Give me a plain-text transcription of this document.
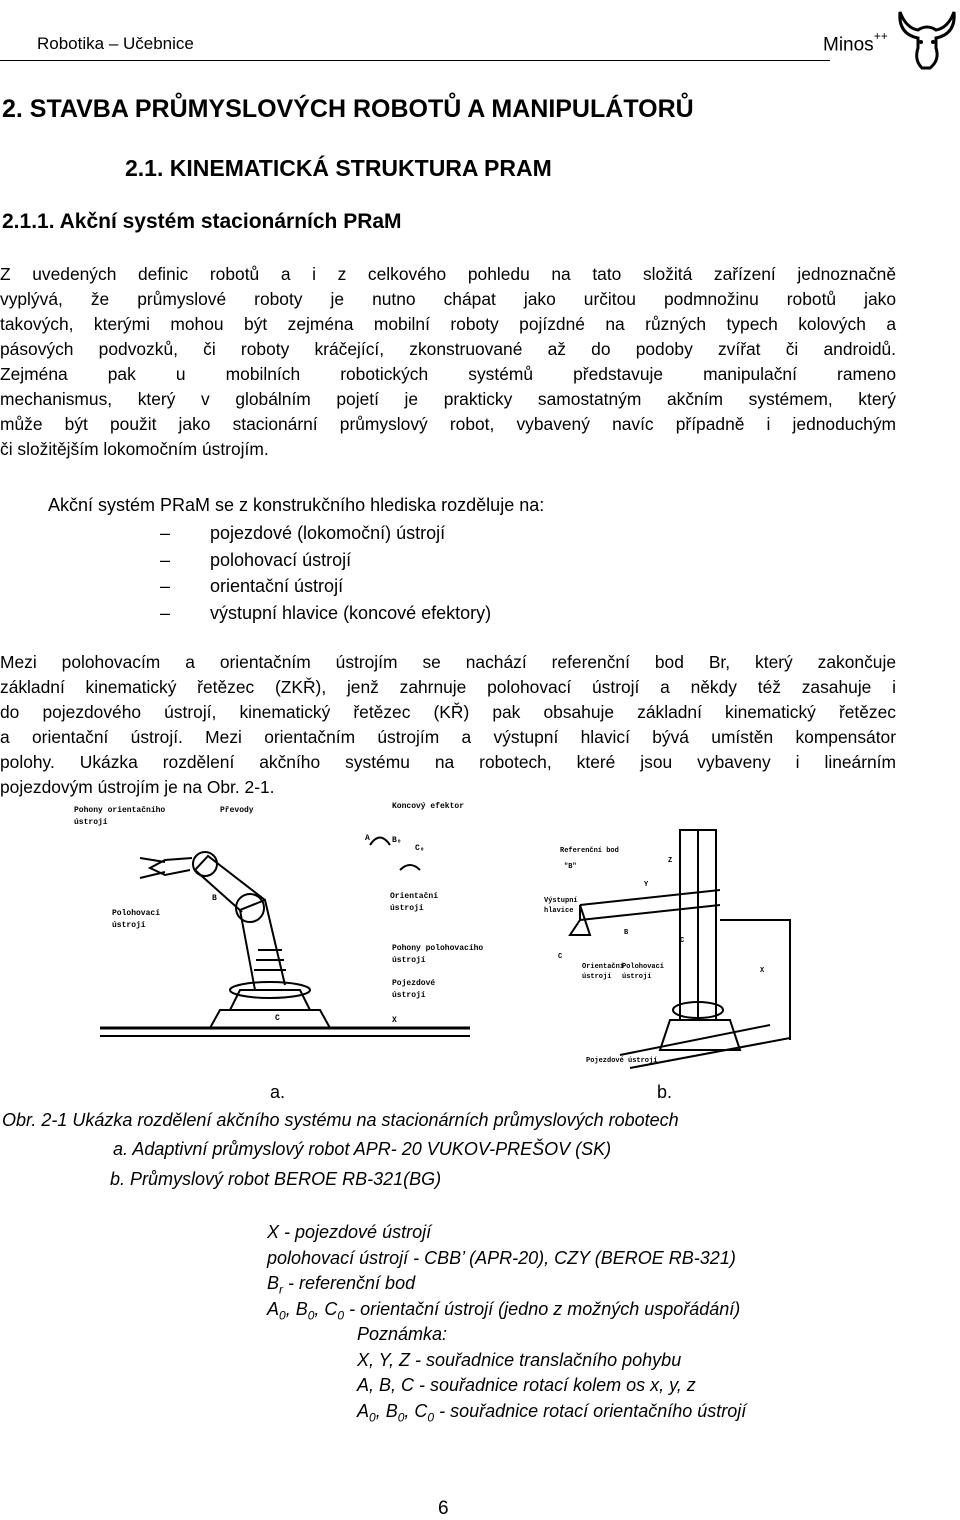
Robotika – Učebnice	Minos++
2. STAVBA PRŮMYSLOVÝCH ROBOTŮ A MANIPULÁTORŮ
2.1. KINEMATICKÁ STRUKTURA PRAM
2.1.1. Akční systém stacionárních PRaM
Z uvedených definic robotů a i z celkového pohledu na tato složitá zařízení jednoznačně
vyplývá, že průmyslové roboty je nutno chápat jako určitou podmnožinu robotů jako
takových, kterými mohou být zejména mobilní roboty pojízdné na různých typech kolových a
pásových podvozků, či roboty kráčející, zkonstruované až do podoby zvířat či androidů.
Zejména pak u mobilních robotických systémů představuje manipulační rameno
mechanismus, který v globálním pojetí je prakticky samostatným akčním systémem, který
může být použit jako stacionární průmyslový robot, vybavený navíc případně i jednoduchým
či složitějším lokomočním ústrojím.
Akční systém PRaM se z konstrukčního hlediska rozděluje na:
– pojezdové (lokomoční) ústrojí
– polohovací ústrojí
– orientační ústrojí
– výstupní hlavice (koncové efektory)
Mezi polohovacím a orientačním ústrojím se nachází referenční bod Br, který zakončuje
základní kinematický řetězec (ZKŘ), jenž zahrnuje polohovací ústrojí a někdy též zasahuje i
do pojezdového ústrojí, kinematický řetězec (KŘ) pak obsahuje základní kinematický řetězec
a orientační ústrojí. Mezi orientačním ústrojím a výstupní hlavicí bývá umístěn kompensátor
polohy. Ukázka rozdělení akčního systému na robotech, které jsou vybaveny i lineárním
pojezdovým ústrojím je na Obr. 2-1.
Pohony orientačního
ústrojí
Převody	Koncový efektor
Polohovací
ústrojí
Orientační
ústrojí
Pohony polohovacího
ústrojí
Pojezdové
ústrojí
B
C
A	B₀
C₀
X
Referenční bod
"B"
Z
Y
Výstupní
hlavice
B
C
C
X
Orientační
ústrojí
Polohovací
ústrojí
Pojezdové ústrojí
a.	b.
Obr. 2-1 Ukázka rozdělení akčního systému na stacionárních průmyslových robotech
a. Adaptivní průmyslový robot APR- 20 VUKOV-PREŠOV (SK)
b. Průmyslový robot BEROE RB-321(BG)
X - pojezdové ústrojí
polohovací ústrojí - CBB’ (APR-20), CZY (BEROE RB-321)
$B_r$ - referenční bod
$A_0$, $B_0$, $C_0$ - orientační ústrojí (jedno z možných uspořádání)
Poznámka:
X, Y, Z - souřadnice translačního pohybu
A, B, C - souřadnice rotací kolem os x, y, z
$A_0$, $B_0$, $C_0$ - souřadnice rotací orientačního ústrojí
6
